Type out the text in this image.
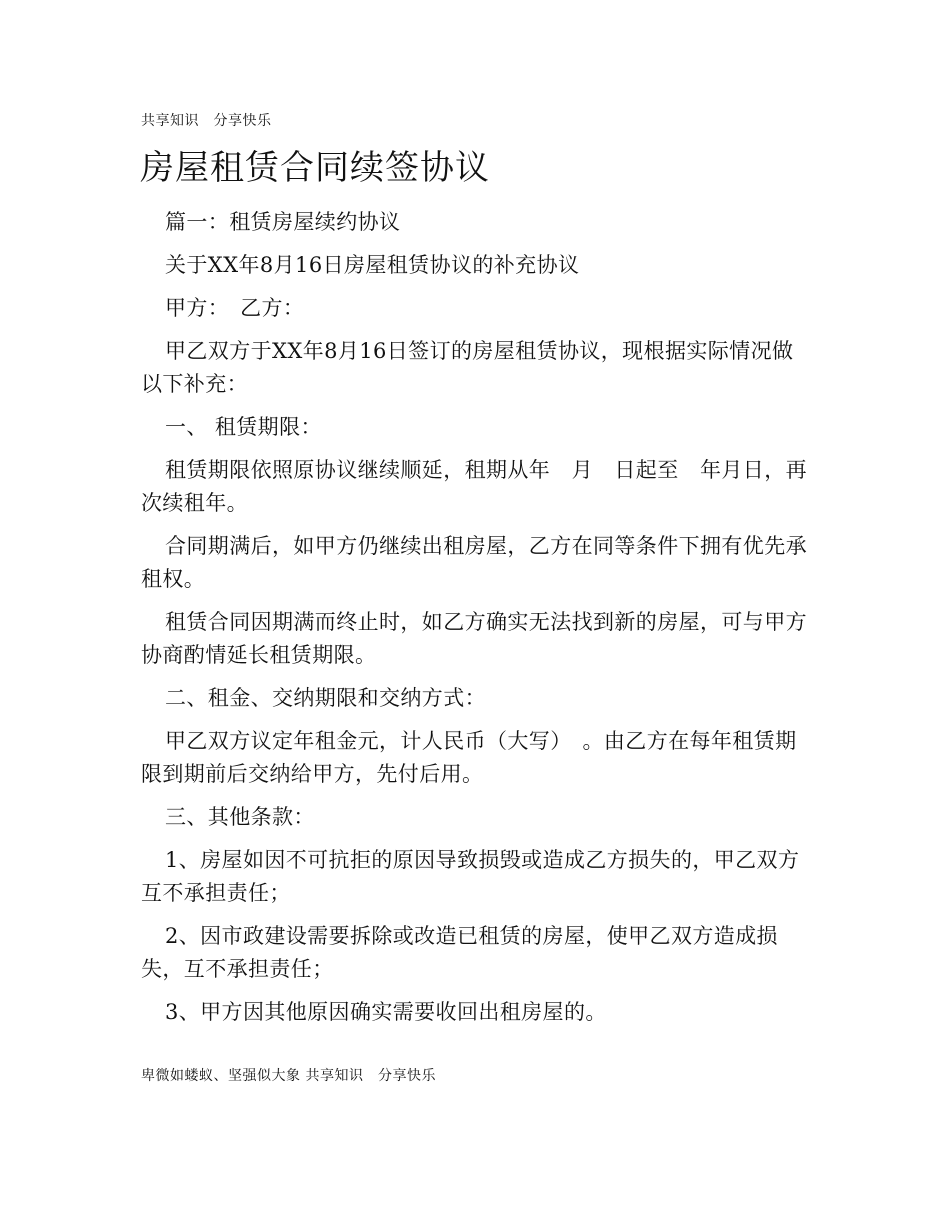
共享知识　分享快乐
房屋租赁合同续签协议

篇一：租赁房屋续约协议

关于XX年8月16日房屋租赁协议的补充协议

甲方：　乙方：

甲乙双方于XX年8月16日签订的房屋租赁协议，现根据实际情况做以下补充：

一、 租赁期限：

租赁期限依照原协议继续顺延，租期从年　月　日起至　年月日，再次续租年。

合同期满后，如甲方仍继续出租房屋，乙方在同等条件下拥有优先承租权。

租赁合同因期满而终止时，如乙方确实无法找到新的房屋，可与甲方协商酌情延长租赁期限。

二、租金、交纳期限和交纳方式：

甲乙双方议定年租金元，计人民币（大写）　。由乙方在每年租赁期限到期前后交纳给甲方，先付后用。

三、其他条款：

1、房屋如因不可抗拒的原因导致损毁或造成乙方损失的，甲乙双方互不承担责任；

2、因市政建设需要拆除或改造已租赁的房屋，使甲乙双方造成损失，互不承担责任；

3、甲方因其他原因确实需要收回出租房屋的。

卑微如蝼蚁、坚强似大象 共享知识　分享快乐
